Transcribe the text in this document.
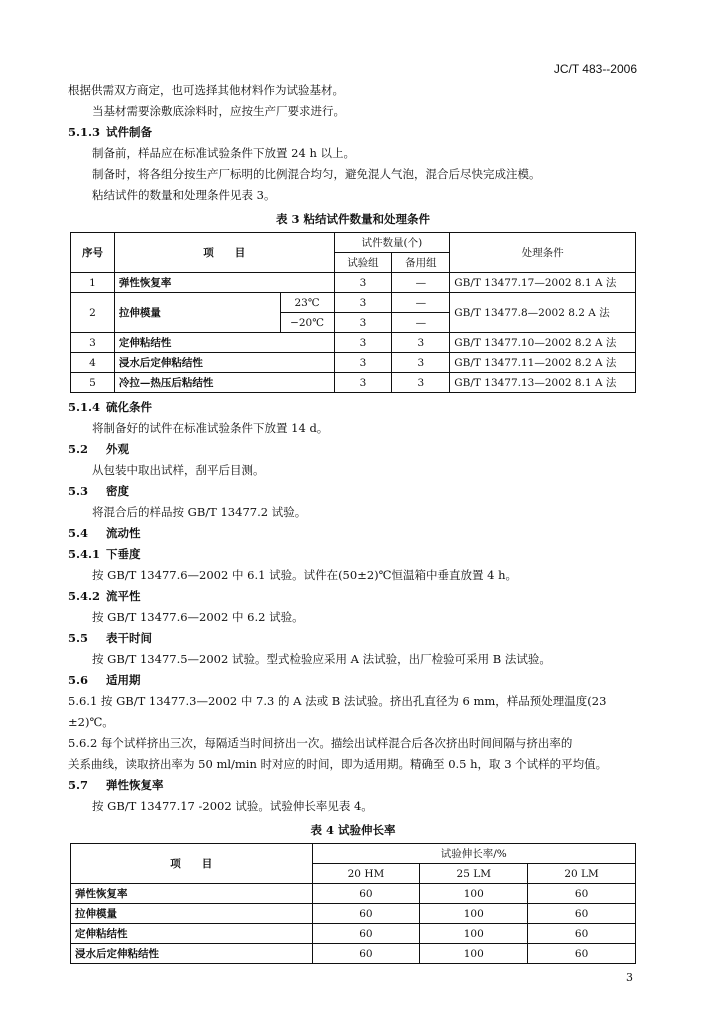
JC/T 483--2006

根据供需双方商定，也可选择其他材料作为试验基材。

当基材需要涂敷底涂料时，应按生产厂要求进行。

5.1.3 试件制备

制备前，样品应在标准试验条件下放置 24 h 以上。

制备时，将各组分按生产厂标明的比例混合均匀，避免混人气泡，混合后尽快完成注模。

粘结试件的数量和处理条件见表 3。

表 3 粘结试件数量和处理条件
序号	项　　目		试件数量(个)		处理条件
			试验组	备用组	
1	弹性恢复率		3	—	GB/T 13477.17—2002 8.1 A 法
2	拉伸模量	23℃	3	—	GB/T 13477.8—2002 8.2 A 法
		−20℃	3	—	
3	定伸粘结性		3	3	GB/T 13477.10—2002 8.2 A 法
4	浸水后定伸粘结性		3	3	GB/T 13477.11—2002 8.2 A 法
5	冷拉—热压后粘结性		3	3	GB/T 13477.13—2002 8.1 A 法

5.1.4 硫化条件

将制备好的试件在标准试验条件下放置 14 d。

5.2 外观

从包装中取出试样，刮平后目测。

5.3 密度

将混合后的样品按 GB/T 13477.2 试验。

5.4 流动性

5.4.1 下垂度

按 GB/T 13477.6—2002 中 6.1 试验。试件在(50±2)℃恒温箱中垂直放置 4 h。

5.4.2 流平性

按 GB/T 13477.6—2002 中 6.2 试验。

5.5 表干时间

按 GB/T 13477.5—2002 试验。型式检验应采用 A 法试验，出厂检验可采用 B 法试验。

5.6 适用期

5.6.1 按 GB/T 13477.3—2002 中 7.3 的 A 法或 B 法试验。挤出孔直径为 6 mm，样品预处理温度(23

±2)℃。

5.6.2 每个试样挤出三次，每隔适当时间挤出一次。描绘出试样混合后各次挤出时间间隔与挤出率的

关系曲线，读取挤出率为 50 ml/min 时对应的时间，即为适用期。精确至 0.5 h，取 3 个试样的平均值。

5.7 弹性恢复率

按 GB/T 13477.17 -2002 试验。试验伸长率见表 4。

表 4 试验伸长率
项　　目	试验伸长率/%		
	20 HM	25 LM	20 LM
弹性恢复率	60	100	60
拉伸模量	60	100	60
定伸粘结性	60	100	60
浸水后定伸粘结性	60	100	60
3
